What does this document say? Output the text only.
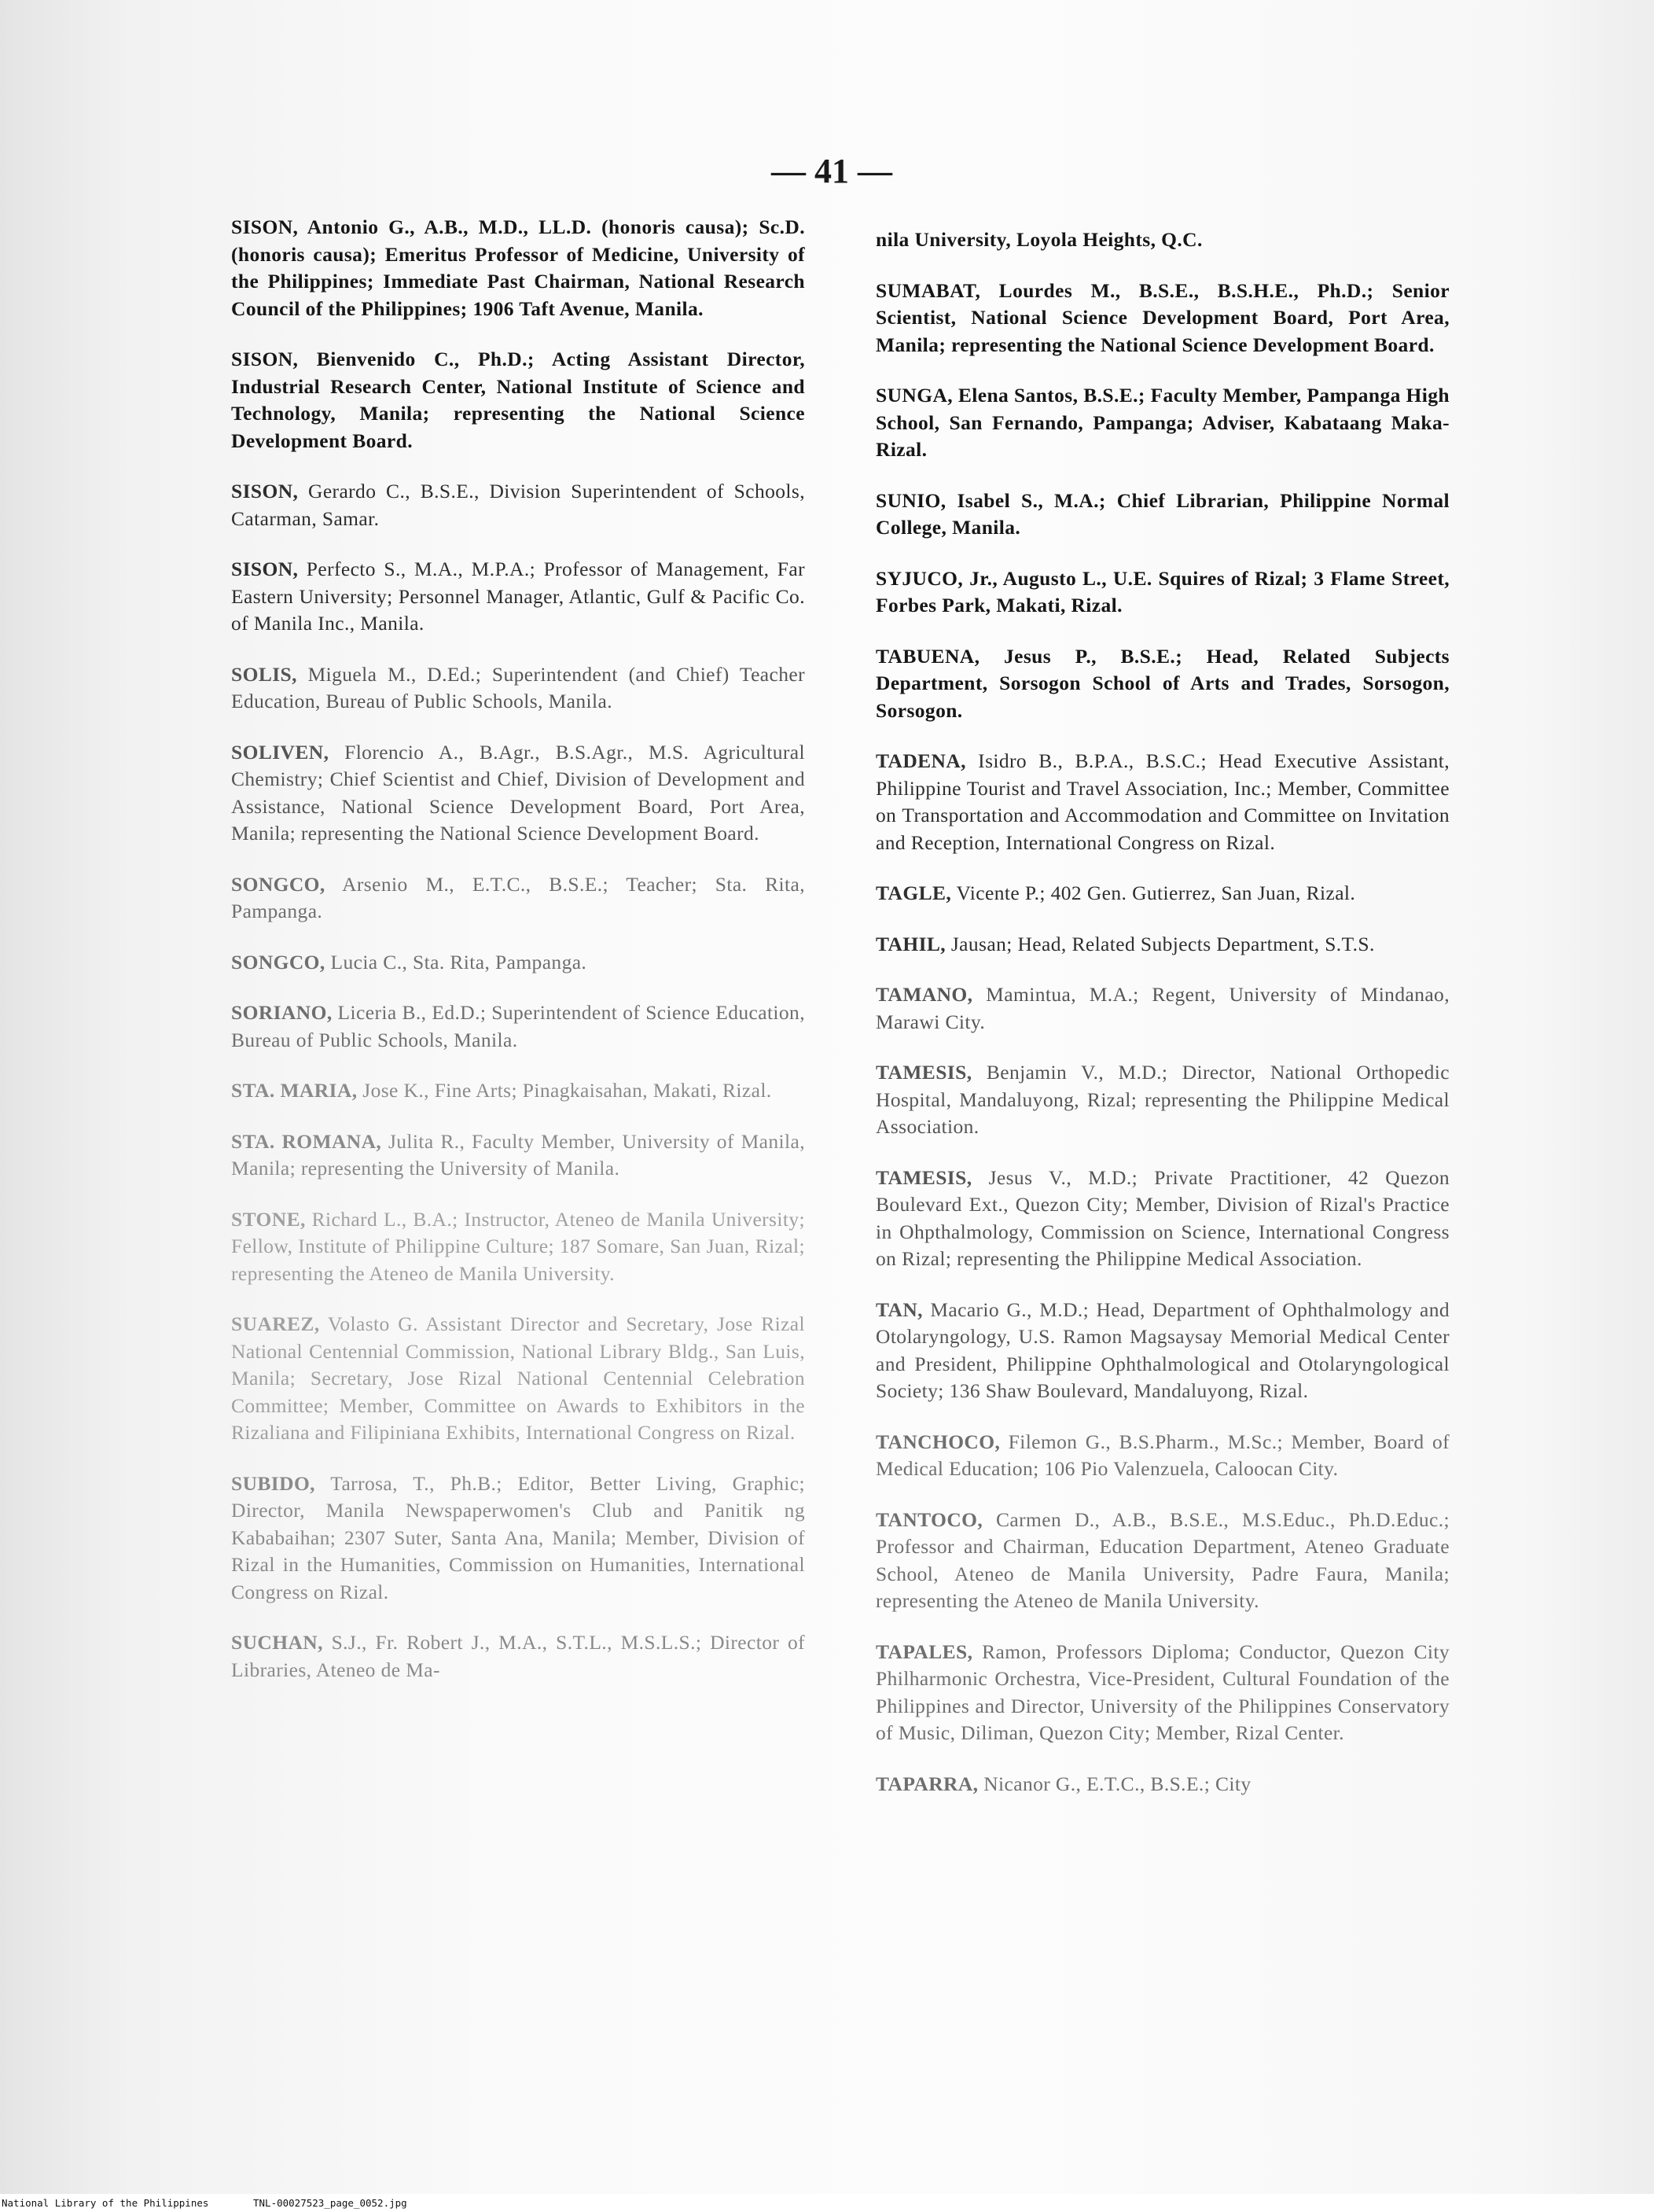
— 41 —

SISON, Antonio G., A.B., M.D., LL.D. (honoris causa); Sc.D. (honoris causa); Emeritus Professor of Medicine, University of the Philippines; Immediate Past Chairman, National Research Council of the Philippines; 1906 Taft Avenue, Manila.

SISON, Bienvenido C., Ph.D.; Acting Assistant Director, Industrial Research Center, National Institute of Science and Technology, Manila; representing the National Science Development Board.

SISON, Gerardo C., B.S.E., Division Superintendent of Schools, Catarman, Samar.

SISON, Perfecto S., M.A., M.P.A.; Professor of Management, Far Eastern University; Personnel Manager, Atlantic, Gulf & Pacific Co. of Manila Inc., Manila.

SOLIS, Miguela M., D.Ed.; Superintendent (and Chief) Teacher Education, Bureau of Public Schools, Manila.

SOLIVEN, Florencio A., B.Agr., B.S.Agr., M.S. Agricultural Chemistry; Chief Scientist and Chief, Division of Development and Assistance, National Science Development Board, Port Area, Manila; representing the National Science Development Board.

SONGCO, Arsenio M., E.T.C., B.S.E.; Teacher; Sta. Rita, Pampanga.

SONGCO, Lucia C., Sta. Rita, Pampanga.

SORIANO, Liceria B., Ed.D.; Superintendent of Science Education, Bureau of Public Schools, Manila.

STA. MARIA, Jose K., Fine Arts; Pinagkaisahan, Makati, Rizal.

STA. ROMANA, Julita R., Faculty Member, University of Manila, Manila; representing the University of Manila.

STONE, Richard L., B.A.; Instructor, Ateneo de Manila University; Fellow, Institute of Philippine Culture; 187 Somare, San Juan, Rizal; representing the Ateneo de Manila University.

SUAREZ, Volasto G. Assistant Director and Secretary, Jose Rizal National Centennial Commission, National Library Bldg., San Luis, Manila; Secretary, Jose Rizal National Centennial Celebration Committee; Member, Committee on Awards to Exhibitors in the Rizaliana and Filipiniana Exhibits, International Congress on Rizal.

SUBIDO, Tarrosa, T., Ph.B.; Editor, Better Living, Graphic; Director, Manila Newspaperwomen's Club and Panitik ng Kababaihan; 2307 Suter, Santa Ana, Manila; Member, Division of Rizal in the Humanities, Commission on Humanities, International Congress on Rizal.

SUCHAN, S.J., Fr. Robert J., M.A., S.T.L., M.S.L.S.; Director of Libraries, Ateneo de Ma-

nila University, Loyola Heights, Q.C.

SUMABAT, Lourdes M., B.S.E., B.S.H.E., Ph.D.; Senior Scientist, National Science Development Board, Port Area, Manila; representing the National Science Development Board.

SUNGA, Elena Santos, B.S.E.; Faculty Member, Pampanga High School, San Fernando, Pampanga; Adviser, Kabataang Maka-Rizal.

SUNIO, Isabel S., M.A.; Chief Librarian, Philippine Normal College, Manila.

SYJUCO, Jr., Augusto L., U.E. Squires of Rizal; 3 Flame Street, Forbes Park, Makati, Rizal.

TABUENA, Jesus P., B.S.E.; Head, Related Subjects Department, Sorsogon School of Arts and Trades, Sorsogon, Sorsogon.

TADENA, Isidro B., B.P.A., B.S.C.; Head Executive Assistant, Philippine Tourist and Travel Association, Inc.; Member, Committee on Transportation and Accommodation and Committee on Invitation and Reception, International Congress on Rizal.

TAGLE, Vicente P.; 402 Gen. Gutierrez, San Juan, Rizal.

TAHIL, Jausan; Head, Related Subjects Department, S.T.S.

TAMANO, Mamintua, M.A.; Regent, University of Mindanao, Marawi City.

TAMESIS, Benjamin V., M.D.; Director, National Orthopedic Hospital, Mandaluyong, Rizal; representing the Philippine Medical Association.

TAMESIS, Jesus V., M.D.; Private Practitioner, 42 Quezon Boulevard Ext., Quezon City; Member, Division of Rizal's Practice in Ohpthalmology, Commission on Science, International Congress on Rizal; representing the Philippine Medical Association.

TAN, Macario G., M.D.; Head, Department of Ophthalmology and Otolaryngology, U.S. Ramon Magsaysay Memorial Medical Center and President, Philippine Ophthalmological and Otolaryngological Society; 136 Shaw Boulevard, Mandaluyong, Rizal.

TANCHOCO, Filemon G., B.S.Pharm., M.Sc.; Member, Board of Medical Education; 106 Pio Valenzuela, Caloocan City.

TANTOCO, Carmen D., A.B., B.S.E., M.S.Educ., Ph.D.Educ.; Professor and Chairman, Education Department, Ateneo Graduate School, Ateneo de Manila University, Padre Faura, Manila; representing the Ateneo de Manila University.

TAPALES, Ramon, Professors Diploma; Conductor, Quezon City Philharmonic Orchestra, Vice-President, Cultural Foundation of the Philippines and Director, University of the Philippines Conservatory of Music, Diliman, Quezon City; Member, Rizal Center.

TAPARRA, Nicanor G., E.T.C., B.S.E.; City

National Library of the Philippines	TNL-00027523_page_0052.jpg
